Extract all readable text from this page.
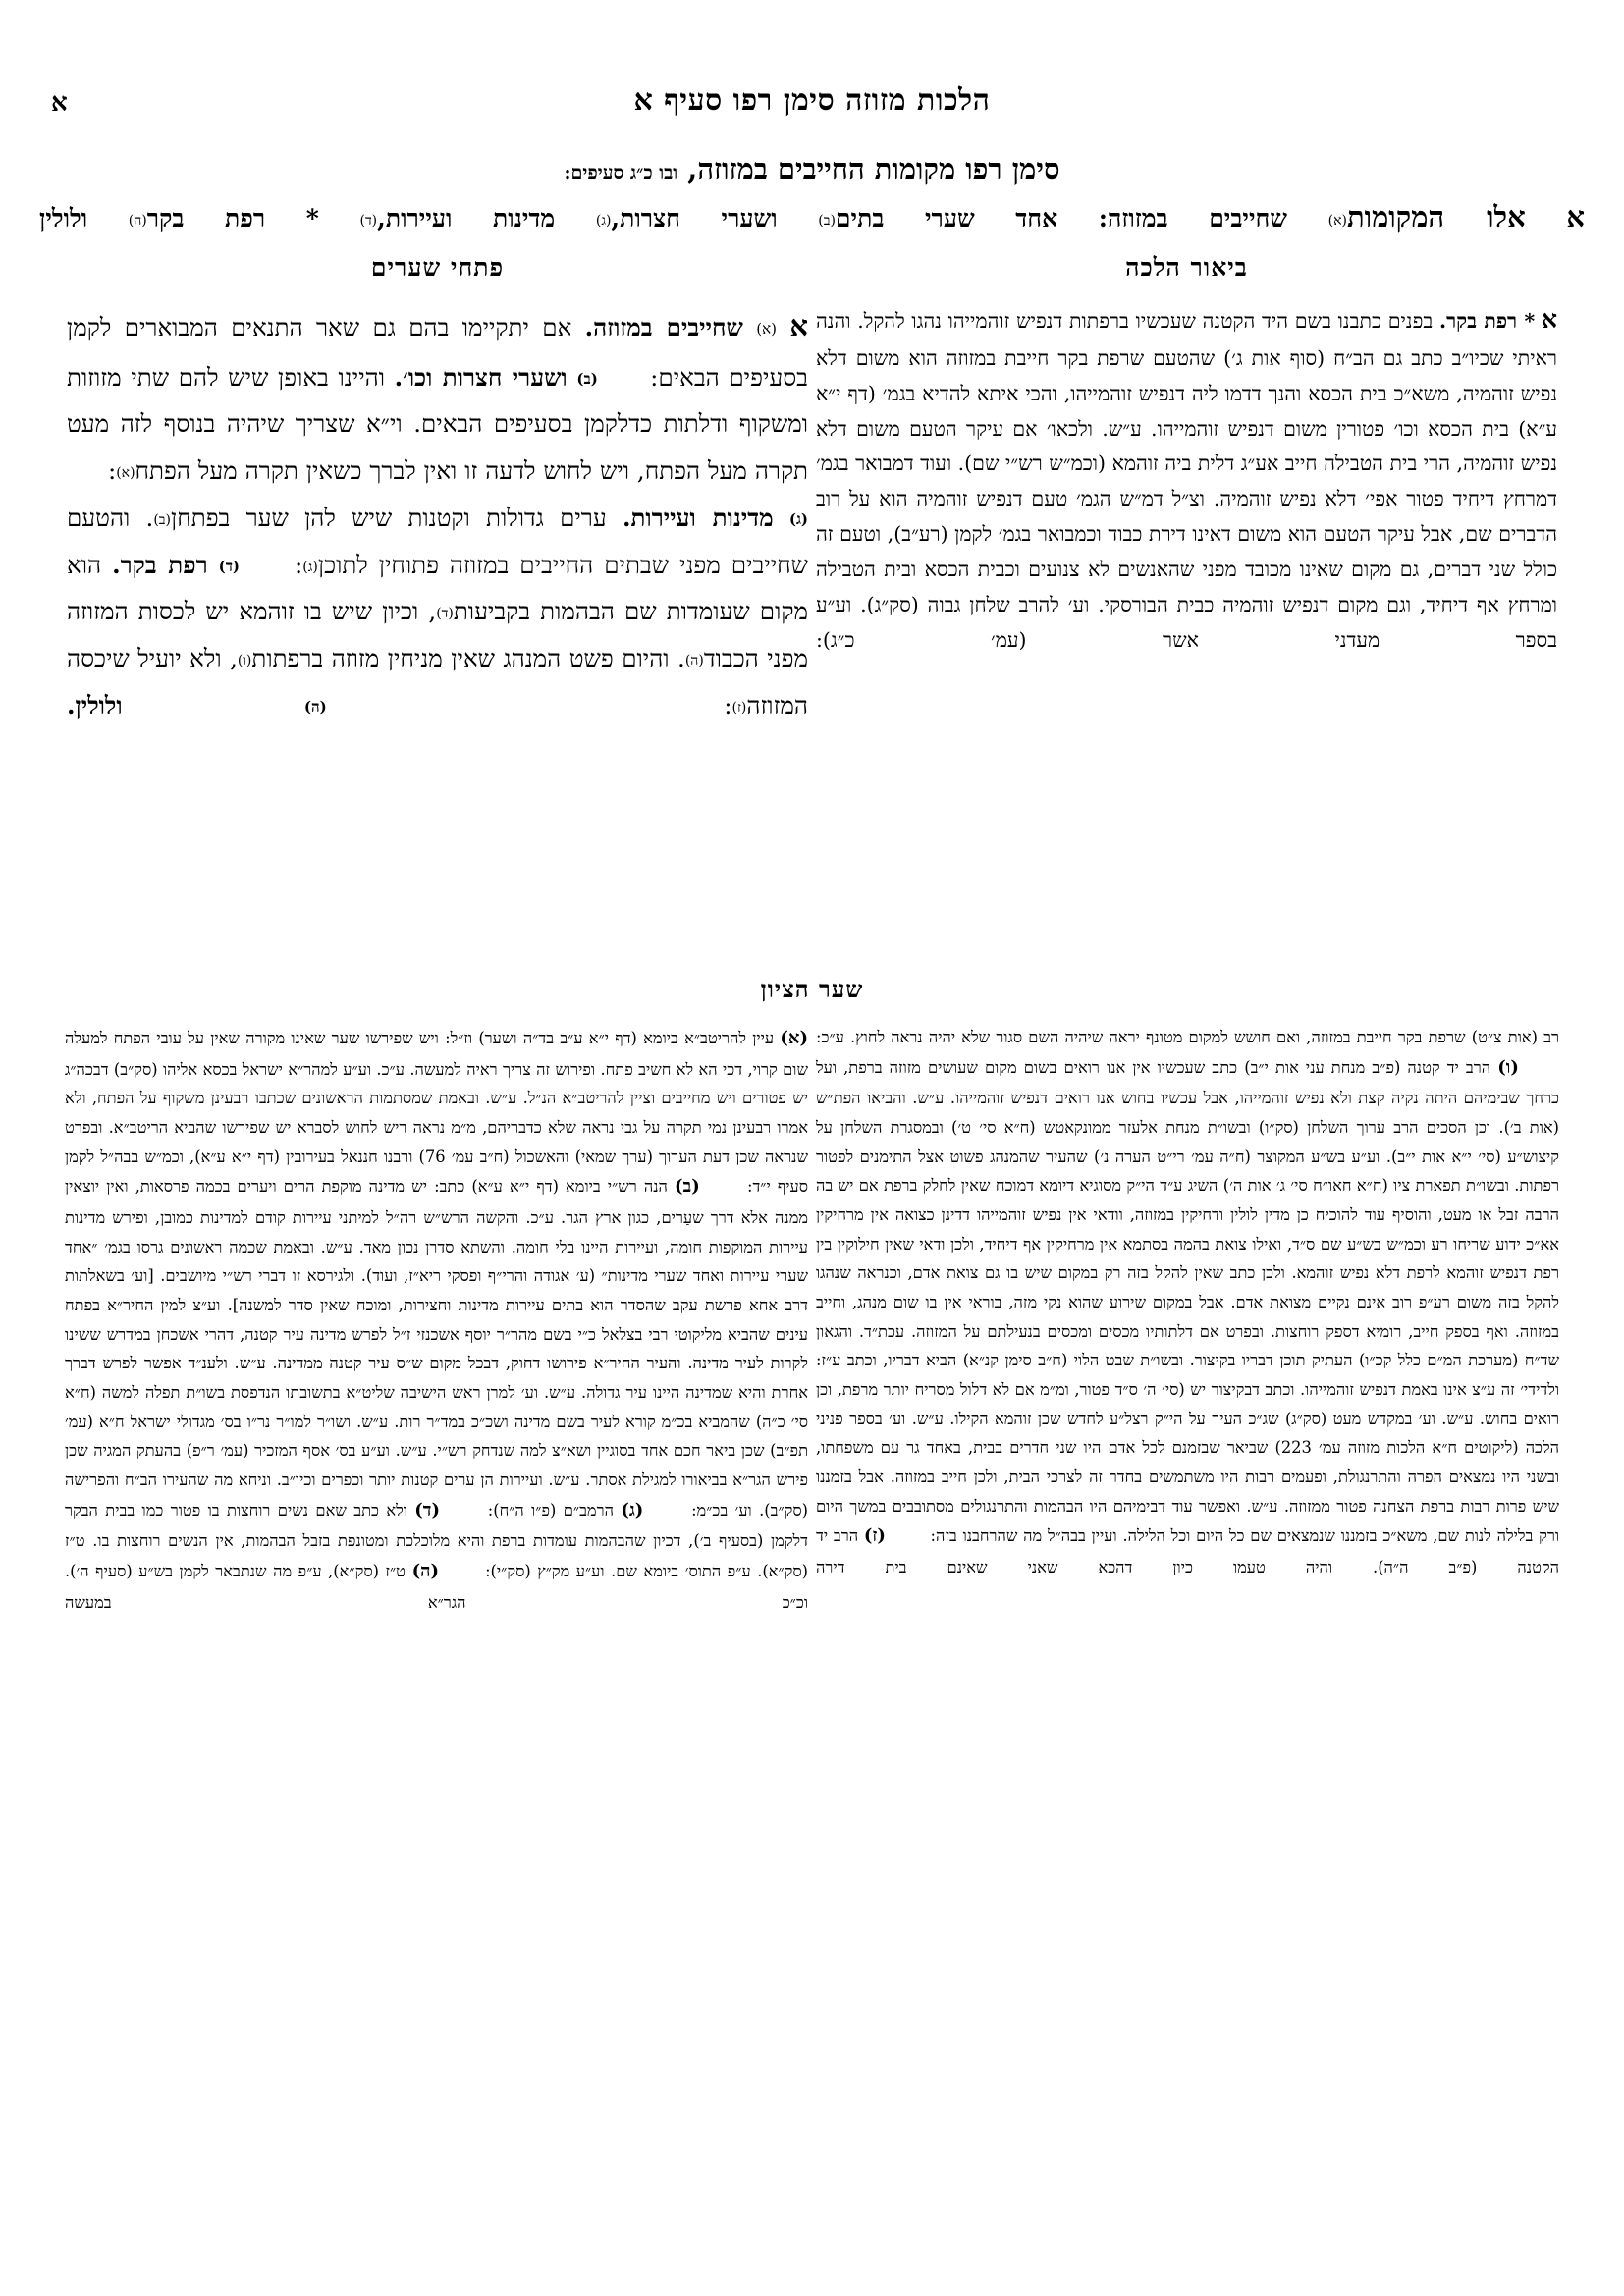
א	הלכות מזוזה סימן רפו סעיף א
סימן רפו מקומות החייבים במזוזה, ובו כ״ג סעיפים:
א אלו המקומות(א) שחייבים במזוזה: אחד שערי בתים(ב) ושערי חצרות,(ג) מדינות ועיירות,(ד) * רפת בקר(ה) ולולין
פתחי שערים
א (א) שחייבים במזוזה. אם יתקיימו בהם גם שאר התנאים המבוארים לקמן בסעיפים הבאים:  (ב) ושערי חצרות וכו׳. והיינו באופן שיש להם שתי מזוזות ומשקוף ודלתות כדלקמן בסעיפים הבאים. וי״א שצריך שיהיה בנוסף לזה מעט תקרה מעל הפתח, ויש לחוש לדעה זו ואין לברך כשאין תקרה מעל הפתח(א):  (ג) מדינות ועיירות. ערים גדולות וקטנות שיש להן שער בפתחן(ב). והטעם שחייבים מפני שבתים החייבים במזוזה פתוחין לתוכן(ג):  (ד) רפת בקר. הוא מקום שעומדות שם הבהמות בקביעות(ד), וכיון שיש בו זוהמא יש לכסות המזוזה מפני הכבוד(ה). והיום פשט המנהג שאין מניחין מזוזה ברפתות(ו), ולא יועיל שיכסה המזוזה(ז):  (ה) ולולין.
ביאור הלכה
א * רפת בקר. בפנים כתבנו בשם היד הקטנה שעכשיו ברפתות דנפיש זוהמייהו נהגו להקל. והנה ראיתי שכיו״ב כתב גם הב״ח (סוף אות ג׳) שהטעם שרפת בקר חייבת במזוזה הוא משום דלא נפיש זוהמיה, משא״כ בית הכסא והנך דדמו ליה דנפיש זוהמייהו, והכי איתא להדיא בגמ׳ (דף י״א ע״א) בית הכסא וכו׳ פטורין משום דנפיש זוהמייהו. ע״ש. ולכאו׳ אם עיקר הטעם משום דלא נפיש זוהמיה, הרי בית הטבילה חייב אע״ג דלית ביה זוהמא (וכמ״ש רש״י שם). ועוד דמבואר בגמ׳ דמרחץ דיחיד פטור אפי׳ דלא נפיש זוהמיה. וצ״ל דמ״ש הגמ׳ טעם דנפיש זוהמיה הוא על רוב הדברים שם, אבל עיקר הטעם הוא משום דאינו דירת כבוד וכמבואר בגמ׳ לקמן (רע״ב), וטעם זה כולל שני דברים, גם מקום שאינו מכובד מפני שהאנשים לא צנועים וכבית הכסא ובית הטבילה ומרחץ אף דיחיד, וגם מקום דנפיש זוהמיה כבית הבורסקי. וע׳ להרב שלחן גבוה (סק״ג). וע״ע בספר מעדני אשר (עמ׳ כ״ג):
שער הציון

(א) עיין להריטב״א ביומא (דף י״א ע״ב בד״ה ושער) וז״ל: ויש שפירשו שער שאינו מקורה שאין על עובי הפתח למעלה שום קרוי, דכי הא לא חשיב פתח. ופירוש זה צריך ראיה למעשה. ע״כ. וע״ע למהר״א ישראל בכסא אליהו (סק״ב) דבכה״ג יש פטורים ויש מחייבים וציין להריטב״א הנ״ל. ע״ש. ובאמת שמסתמות הראשונים שכתבו רבעינן משקוף על הפתח, ולא אמרו רבעינן נמי תקרה על גבי נראה שלא כדבריהם, מ״מ נראה ריש לחוש לסברא יש שפירשו שהביא הריטב״א. ובפרט שנראה שכן דעת הערוך (ערך שמאי) והאשכול (ח״ב עמ׳ 76) ורבנו חננאל בעירובין (דף י״א ע״א), וכמ״ש בבה״ל לקמן סעיף י״ד:  (ב) הנה רש״י ביומא (דף י״א ע״א) כתב: יש מדינה מוקפת הרים ויערים בכמה פרסאות, ואין יוצאין ממנה אלא דרך שעַרים, כגון ארץ הגר. ע״כ. והקשה הרש״ש רה״ל למיתני עיירות קודם למדינות כמובן, ופירש מדינות עיירות המוקפות חומה, ועיירות היינו בלי חומה. והשתא סדרן נכון מאד. ע״ש. ובאמת שכמה ראשונים גרסו בגמ׳ ״אחד שערי עיירות ואחד שערי מדינות״ (ע׳ אגודה והרי״ף ופסקי ריא״ז, ועוד). ולגירסא זו דברי רש״י מיושבים. [וע׳ בשאלתות דרב אחא פרשת עקב שהסדר הוא בתים עיירות מדינות וחצירות, ומוכח שאין סדר למשנה]. וע״צ למין החיר״א בפתח עינים שהביא מליקוטי רבי בצלאל כ״י בשם מהר״ר יוסף אשכנזי ז״ל לפרש מדינה עיר קטנה, דהרי אשכחן במדרש ששינו לקרות לעיר מדינה. והעיר החיר״א פירושו דחוק, דבכל מקום ש״ס עיר קטנה ממדינה. ע״ש. ולענ״ד אפשר לפרש דברך אחרת והיא שמדינה היינו עיר גדולה. ע״ש. וע׳ למרן ראש הישיבה שליט״א בתשובתו הנדפסת בשו״ת תפלה למשה (ח״א סי׳ כ״ה) שהמביא בכ״מ קורא לעיר בשם מדינה ושכ״כ במד״ר רות. ע״ש. ושו״ר למו״ר נר״ו בס׳ מגדולי ישראל ח״א (עמ׳ תפ״ב) שכן ביאר חכם אחד בסוגיין ושא״צ למה שנדחק רש״י. ע״ש. וע״ע בס׳ אסף המזכיר (עמ׳ ר״פ) בהעתק המגיה שכן פירש הגר״א בביאורו למגילת אסתר. ע״ש. ועיירות הן ערים קטנות יותר וכפרים וכיו״ב. וניחא מה שהעירו הב״ח והפרישה (סק״ב). וע׳ בכ״מ:  (ג) הרמב״ם (פ״ו ה״ח):  (ד) ולא כתב שאם נשים רוחצות בו פטור כמו בבית הבקר דלקמן (בסעיף ב׳), דכיון שהבהמות עומדות ברפת והיא מלוכלכת ומטונפת בזבל הבהמות, אין הנשים רוחצות בו. ט״ז (סק״א). ע״פ התוס׳ ביומא שם. וע״ע מק״ץ (סק״י):  (ה) ט״ז (סק״א), ע״פ מה שנתבאר לקמן בש״ע (סעיף ה׳). וכ״כ הגר״א במעשה

רב (אות צ״ט) שרפת בקר חייבת במזוזה, ואם חושש למקום מטונף יראה שיהיה השם סגור שלא יהיה נראה לחוץ. ע״כ:  (ו) הרב יד קטנה (פ״ב מנחת עני אות י״ב) כתב שעכשיו אין אנו רואים בשום מקום שעושים מזוזה ברפת, ועל כרחך שבימיהם היתה נקיה קצת ולא נפיש זוהמייהו, אבל עכשיו בחוש אנו רואים דנפיש זוהמייהו. ע״ש. והביאו הפת״ש (אות ב׳). וכן הסכים הרב ערוך השלחן (סק״ו) ובשו״ת מנחת אלעזר ממונקאטש (ח״א סי׳ ט׳) ובמסגרת השלחן על קיצוש״ע (סי׳ י״א אות י״ב). וע״ע בש״ע המקוצר (ח״ה עמ׳ רי״ט הערה נ׳) שהעיר שהמנהג פשוט אצל התימנים לפטור רפתות. ובשו״ת תפארת ציו (ח״א חאו״ח סי׳ ג׳ אות ה׳) השיג ע״ד הי״ק מסוגיא דיומא דמוכח שאין לחלק ברפת אם יש בה הרבה זבל או מעט, והוסיף עוד להוכיח כן מדין לולין ודחיקין במזוזה, וודאי אין נפיש זוהמייהו דדינן כצואה אין מרחיקין אא״כ ידוע שריחו רע וכמ״ש בש״ע שם ס״ד, ואילו צואת בהמה בסתמא אין מרחיקין אף דיחיד, ולכן ודאי שאין חילוקין בין רפת דנפיש זוהמא לרפת דלא נפיש זוהמא. ולכן כתב שאין להקל בזה רק במקום שיש בו גם צואת אדם, וכנראה שנהגו להקל בזה משום רע״פ רוב אינם נקיים מצואת אדם. אבל במקום שירוע שהוא נקי מזה, בוראי אין בו שום מנהג, וחייב במזוזה. ואף בספק חייב, רומיא דספק רוחצות. ובפרט אם דלתותיו מכסים ומכסים בנעילתם על המזוזה. עכת״ד. והגאון שד״ח (מערכת המ״ם כלל קכ״ו) העתיק תוכן דבריו בקיצור. ובשו״ת שבט הלוי (ח״ב סימן קנ״א) הביא דבריו, וכתב ע״ז: ולדידי׳ זה ע״צ אינו באמת דנפיש זוהמייהו. וכתב דבקיצור יש (סי׳ ה׳ ס״ד פטור, ומ״מ אם לא דלול מסריח יותר מרפת, וכן רואים בחוש. ע״ש. וע׳ במקדש מעט (סק״ג) שג״כ העיר על הי״ק רצל״ע לחדש שכן זוהמא הקילו. ע״ש. וע׳ בספר פניני הלכה (ליקוטים ח״א הלכות מזוזה עמ׳ 223) שביאר שבזמנם לכל אדם היו שני חדרים בבית, באחד גר עם משפחתו, ובשני היו נמצאים הפרה והתרנגולת, ופעמים רבות היו משתמשים בחדר זה לצרכי הבית, ולכן חייב במזוזה. אבל בזמננו שיש פרות רבות ברפת הצחנה פטור ממזוזה. ע״ש. ואפשר עוד דבימיהם היו הבהמות והתרנגולים מסתובבים במשך היום ורק בלילה לנות שם, משא״כ בזמננו שנמצאים שם כל היום וכל הלילה. ועיין בבה״ל מה שהרחבנו בזה:  (ז) הרב יד הקטנה (פ״ב ה״ה). והיה טעמו כיון דהכא שאני שאינם בית דירה
